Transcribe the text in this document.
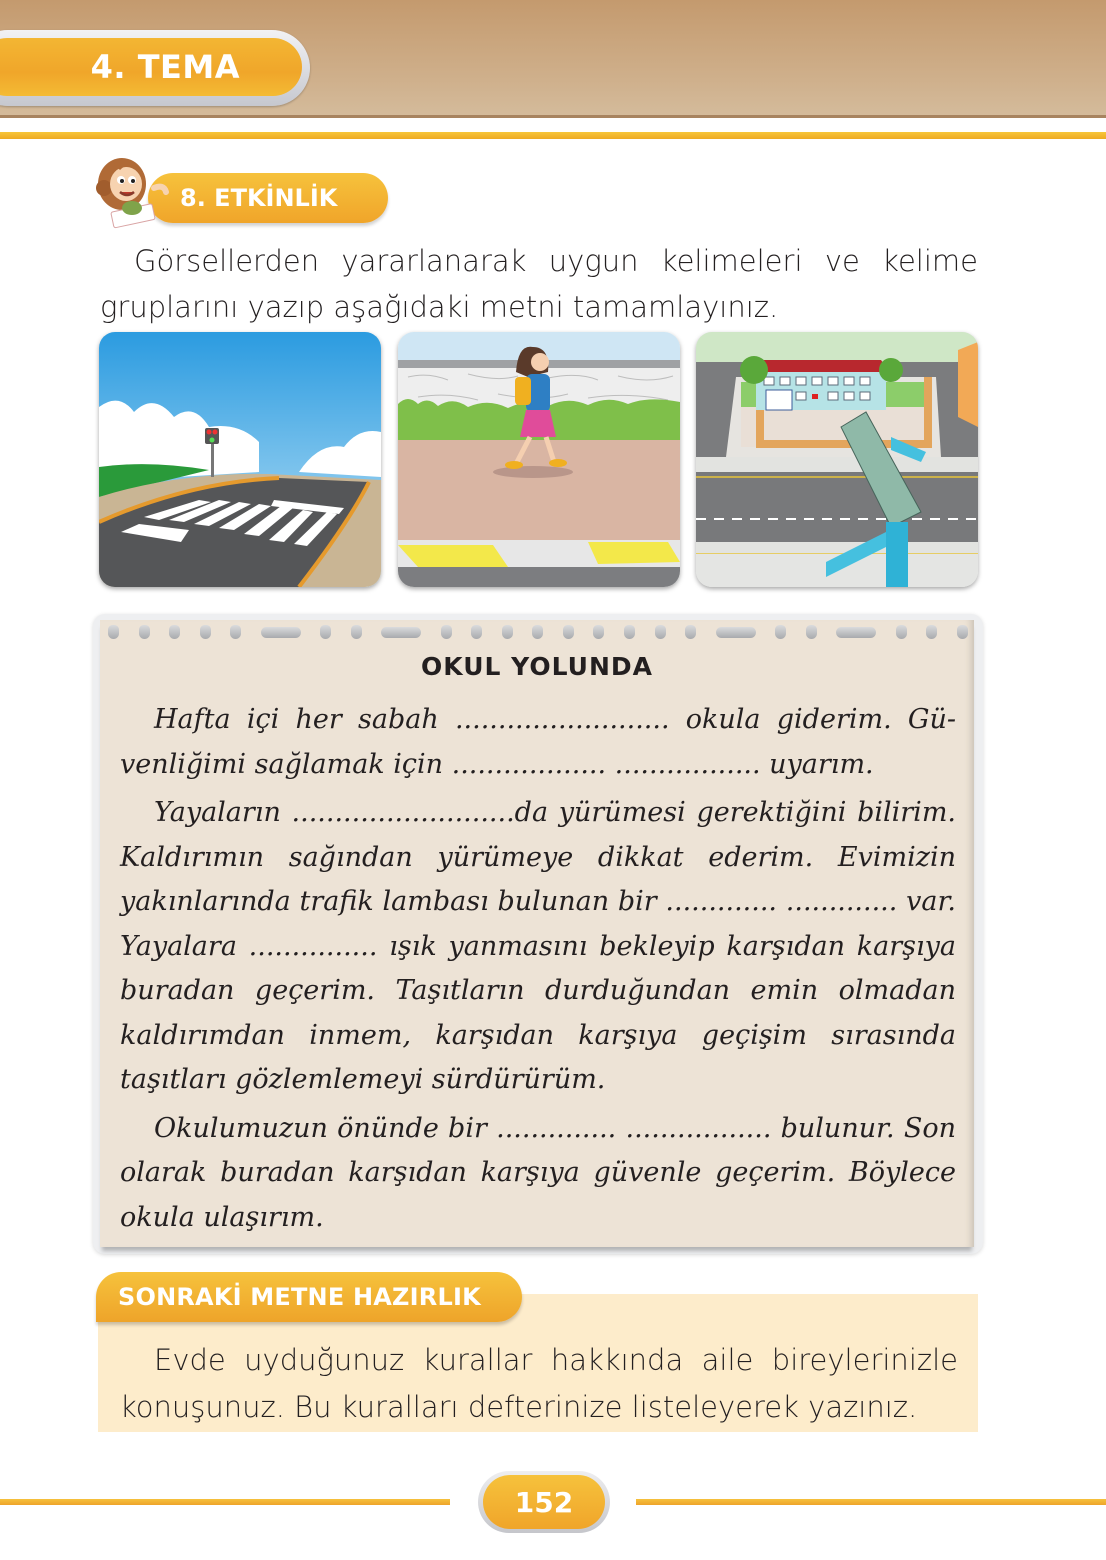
4. TEMA
8. ETKİNLİK
Görsellerden yararlanarak uygun kelimeleri ve kelime gruplarını yazıp aşağıdaki metni tamamlayınız.
OKUL YOLUNDA

Hafta içi her sabah ......................... okula giderim. Gü-venliğimi sağlamak için .................. ................. uyarım.

Yayaların ..........................da yürümesi gerektiğini bilirim. Kaldırımın sağından yürümeye dikkat ederim. Evimizin yakınlarında trafik lambası bulunan bir ............. ............. var. Yayalara ............... ışık yanmasını bekleyip karşıdan karşıya buradan geçerim. Taşıtların durduğundan emin olmadan kaldırımdan inmem, karşıdan karşıya geçişim sırasında taşıtları gözlemlemeyi sürdürürüm.

Okulumuzun önünde bir .............. ................. bulunur. Son olarak buradan karşıdan karşıya güvenle geçerim. Böylece okula ulaşırım.

SONRAKİ METNE HAZIRLIK
Evde uyduğunuz kurallar hakkında aile bireylerinizle konuşunuz. Bu kuralları defterinize listeleyerek yazınız.
152
